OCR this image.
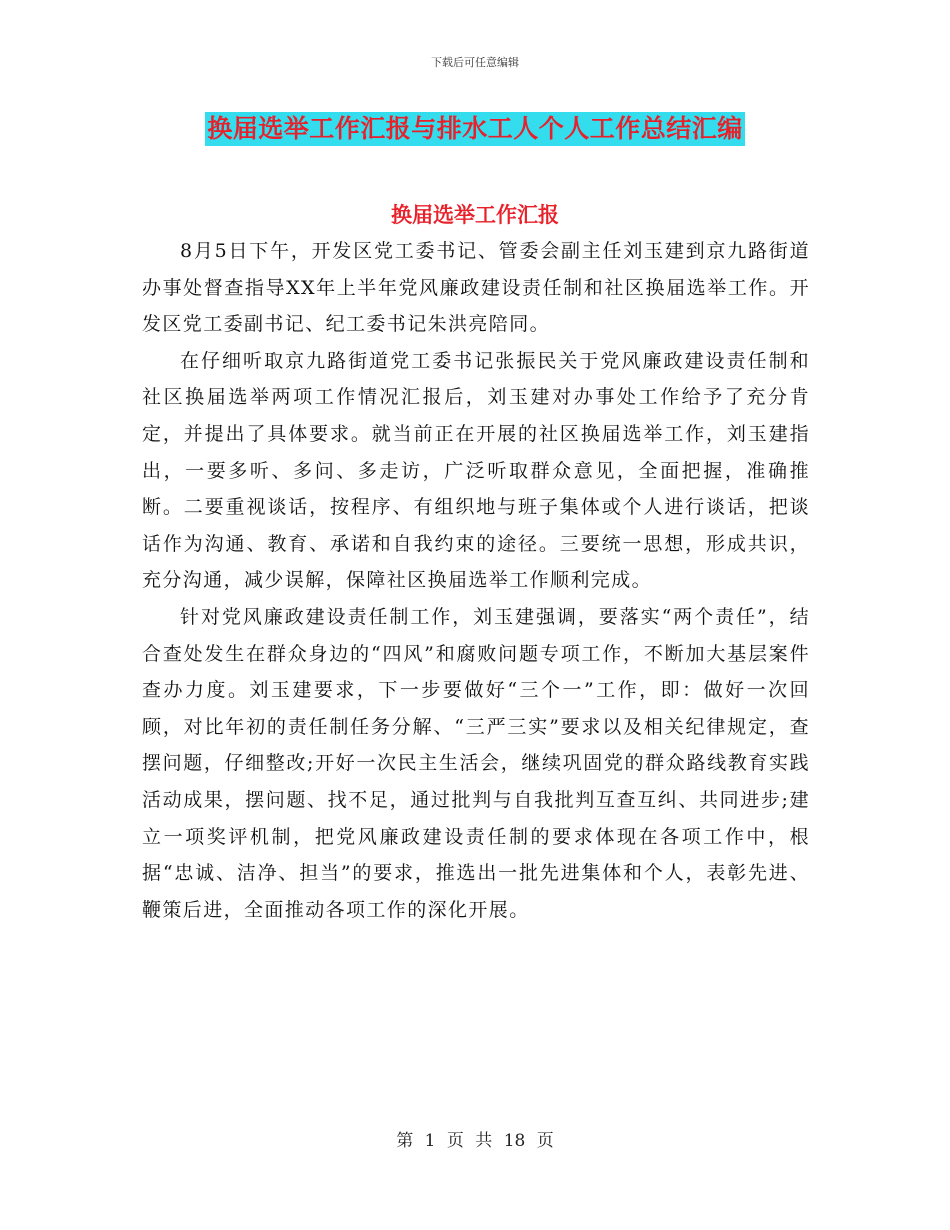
下载后可任意编辑
换届选举工作汇报与排水工人个人工作总结汇编
换届选举工作汇报

8月5日下午，开发区党工委书记、管委会副主任刘玉建到京九路街道办事处督查指导XX年上半年党风廉政建设责任制和社区换届选举工作。开发区党工委副书记、纪工委书记朱洪亮陪同。

在仔细听取京九路街道党工委书记张振民关于党风廉政建设责任制和社区换届选举两项工作情况汇报后，刘玉建对办事处工作给予了充分肯定，并提出了具体要求。就当前正在开展的社区换届选举工作，刘玉建指出，一要多听、多问、多走访，广泛听取群众意见，全面把握，准确推断。二要重视谈话，按程序、有组织地与班子集体或个人进行谈话，把谈话作为沟通、教育、承诺和自我约束的途径。三要统一思想，形成共识，充分沟通，减少误解，保障社区换届选举工作顺利完成。

针对党风廉政建设责任制工作，刘玉建强调，要落实“两个责任”，结合查处发生在群众身边的“四风”和腐败问题专项工作，不断加大基层案件查办力度。刘玉建要求，下一步要做好“三个一”工作，即：做好一次回顾，对比年初的责任制任务分解、“三严三实”要求以及相关纪律规定，查摆问题，仔细整改;开好一次民主生活会，继续巩固党的群众路线教育实践活动成果，摆问题、找不足，通过批判与自我批判互查互纠、共同进步;建立一项奖评机制，把党风廉政建设责任制的要求体现在各项工作中，根据“忠诚、洁净、担当”的要求，推选出一批先进集体和个人，表彰先进、鞭策后进，全面推动各项工作的深化开展。

第 1 页 共 18 页
